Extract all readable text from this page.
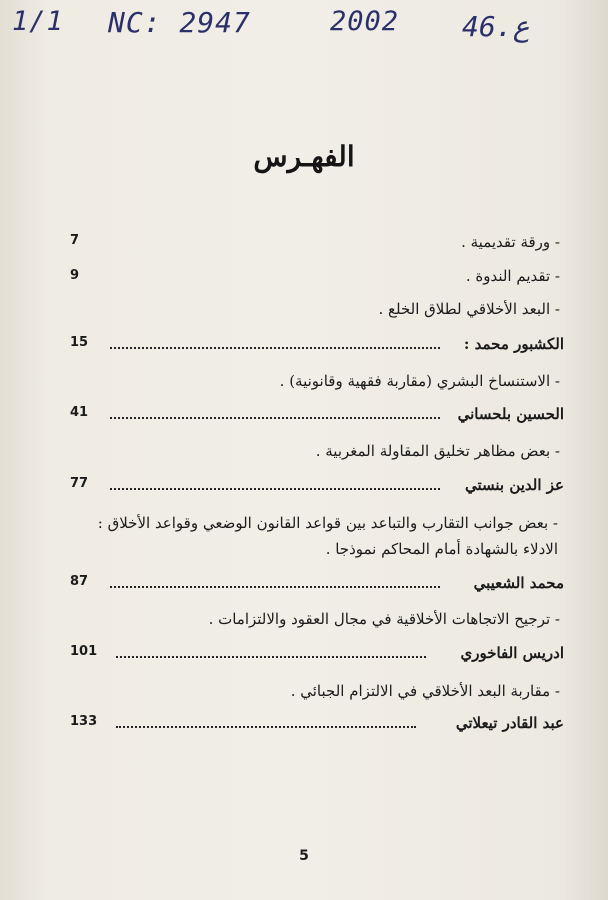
1/1 NC: 2947	2002 46.ع
الفهـرس
- ورقة تقديمية .
7
- تقديم الندوة .
9
- البعد الأخلاقي لطلاق الخلع .
الكشبور محمد :
15
- الاستنساخ البشري (مقاربة فقهية وقانونية) .
الحسين بلحساني
41
- بعض مظاهر تخليق المقاولة المغربية .
عز الدين بنستي
77
- بعض جوانب التقارب والتباعد بين قواعد القانون الوضعي وقواعد الأخلاق : الادلاء بالشهادة أمام المحاكم نموذجا .
محمد الشعيبي
87
- ترجيح الاتجاهات الأخلاقية في مجال العقود والالتزامات .
ادريس الفاخوري
101
- مقاربة البعد الأخلاقي في الالتزام الجبائي .
عبد القادر تيعلاتي
133
5
